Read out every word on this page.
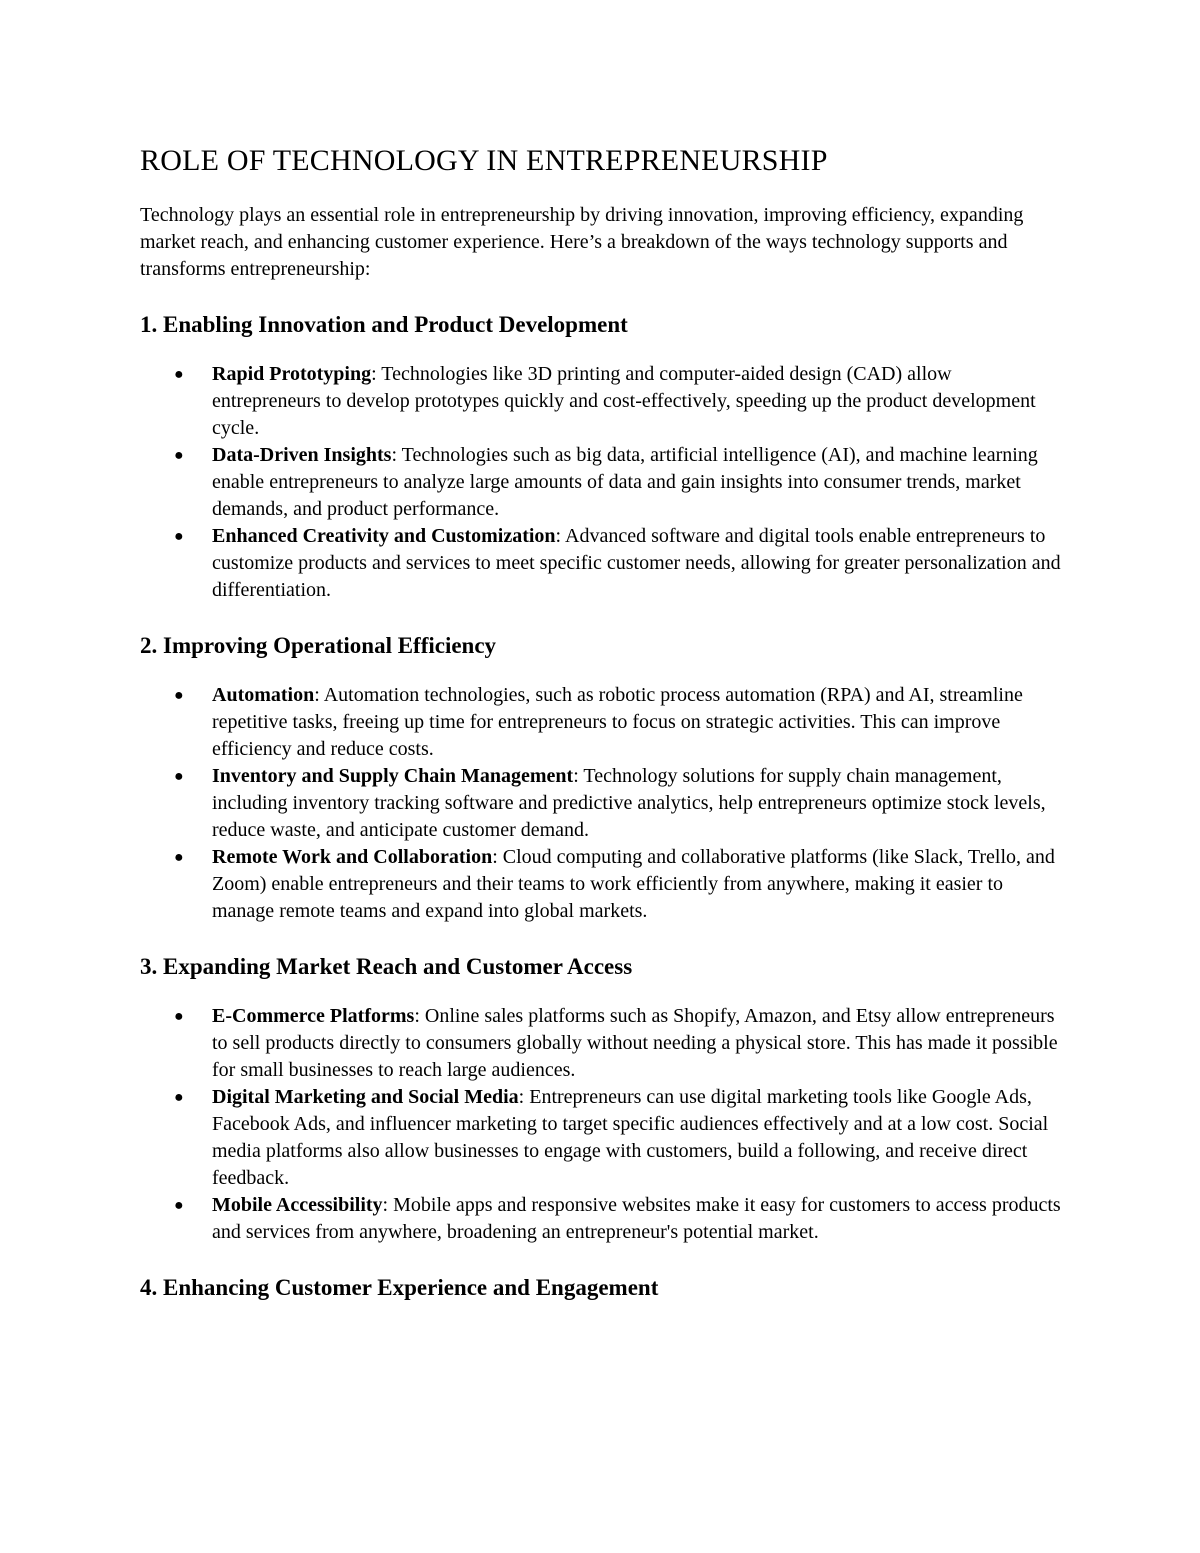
ROLE OF TECHNOLOGY IN ENTREPRENEURSHIP

Technology plays an essential role in entrepreneurship by driving innovation, improving efficiency, expanding market reach, and enhancing customer experience. Here’s a breakdown of the ways technology supports and transforms entrepreneurship:

1. Enabling Innovation and Product Development
● Rapid Prototyping: Technologies like 3D printing and computer-aided design (CAD) allow entrepreneurs to develop prototypes quickly and cost-effectively, speeding up the product development cycle.
● Data-Driven Insights: Technologies such as big data, artificial intelligence (AI), and machine learning enable entrepreneurs to analyze large amounts of data and gain insights into consumer trends, market demands, and product performance.
● Enhanced Creativity and Customization: Advanced software and digital tools enable entrepreneurs to customize products and services to meet specific customer needs, allowing for greater personalization and differentiation.
2. Improving Operational Efficiency
● Automation: Automation technologies, such as robotic process automation (RPA) and AI, streamline repetitive tasks, freeing up time for entrepreneurs to focus on strategic activities. This can improve efficiency and reduce costs.
● Inventory and Supply Chain Management: Technology solutions for supply chain management, including inventory tracking software and predictive analytics, help entrepreneurs optimize stock levels, reduce waste, and anticipate customer demand.
● Remote Work and Collaboration: Cloud computing and collaborative platforms (like Slack, Trello, and Zoom) enable entrepreneurs and their teams to work efficiently from anywhere, making it easier to manage remote teams and expand into global markets.
3. Expanding Market Reach and Customer Access
● E-Commerce Platforms: Online sales platforms such as Shopify, Amazon, and Etsy allow entrepreneurs to sell products directly to consumers globally without needing a physical store. This has made it possible for small businesses to reach large audiences.
● Digital Marketing and Social Media: Entrepreneurs can use digital marketing tools like Google Ads, Facebook Ads, and influencer marketing to target specific audiences effectively and at a low cost. Social media platforms also allow businesses to engage with customers, build a following, and receive direct feedback.
● Mobile Accessibility: Mobile apps and responsive websites make it easy for customers to access products and services from anywhere, broadening an entrepreneur's potential market.
4. Enhancing Customer Experience and Engagement
